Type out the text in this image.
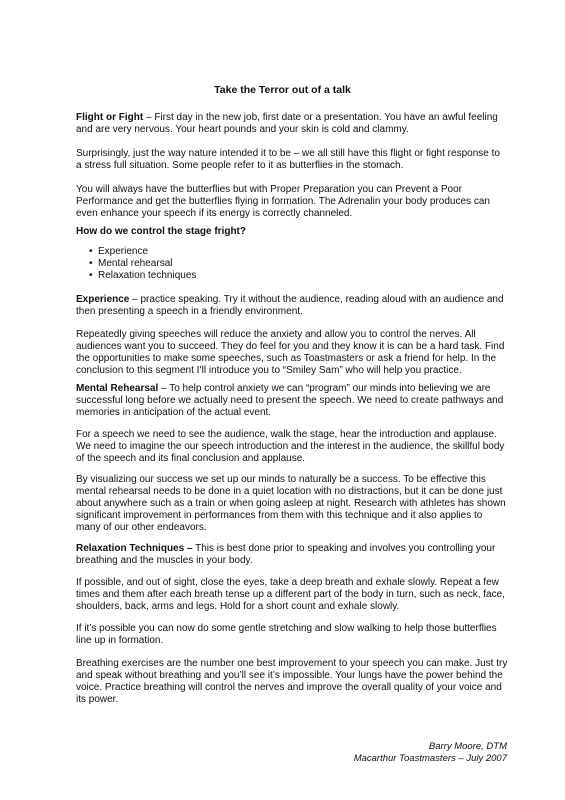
Take the Terror out of a talk

Flight or Fight – First day in the new job, first date or a presentation. You have an awful feeling and are very nervous. Your heart pounds and your skin is cold and clammy.

Surprisingly, just the way nature intended it to be – we all still have this flight or fight response to a stress full situation. Some people refer to it as butterflies in the stomach.

You will always have the butterflies but with Proper Preparation you can Prevent a Poor Performance and get the butterflies flying in formation. The Adrenalin your body produces can even enhance your speech if its energy is correctly channeled.

How do we control the stage fright?

• Experience
• Mental rehearsal
• Relaxation techniques

Experience – practice speaking. Try it without the audience, reading aloud with an audience and then presenting a speech in a friendly environment.

Repeatedly giving speeches will reduce the anxiety and allow you to control the nerves. All audiences want you to succeed. They do feel for you and they know it is can be a hard task. Find the opportunities to make some speeches, such as Toastmasters or ask a friend for help. In the conclusion to this segment I’ll introduce you to “Smiley Sam” who will help you practice.

Mental Rehearsal – To help control anxiety we can “program” our minds into believing we are successful long before we actually need to present the speech. We need to create pathways and memories in anticipation of the actual event.

For a speech we need to see the audience, walk the stage, hear the introduction and applause. We need to imagine the our speech introduction and the interest in the audience, the skillful body of the speech and its final conclusion and applause.

By visualizing our success we set up our minds to naturally be a success. To be effective this mental rehearsal needs to be done in a quiet location with no distractions, but it can be done just about anywhere such as a train or when going asleep at night. Research with athletes has shown significant improvement in performances from them with this technique and it also applies to many of our other endeavors.

Relaxation Techniques – This is best done prior to speaking and involves you controlling your breathing and the muscles in your body.

If possible, and out of sight, close the eyes, take a deep breath and exhale slowly. Repeat a few times and them after each breath tense up a different part of the body in turn, such as neck, face, shoulders, back, arms and legs. Hold for a short count and exhale slowly.

If it’s possible you can now do some gentle stretching and slow walking to help those butterflies line up in formation.

Breathing exercises are the number one best improvement to your speech you can make. Just try and speak without breathing and you’ll see it’s impossible. Your lungs have the power behind the voice. Practice breathing will control the nerves and improve the overall quality of your voice and its power.

Barry Moore, DTM
Macarthur Toastmasters – July 2007
